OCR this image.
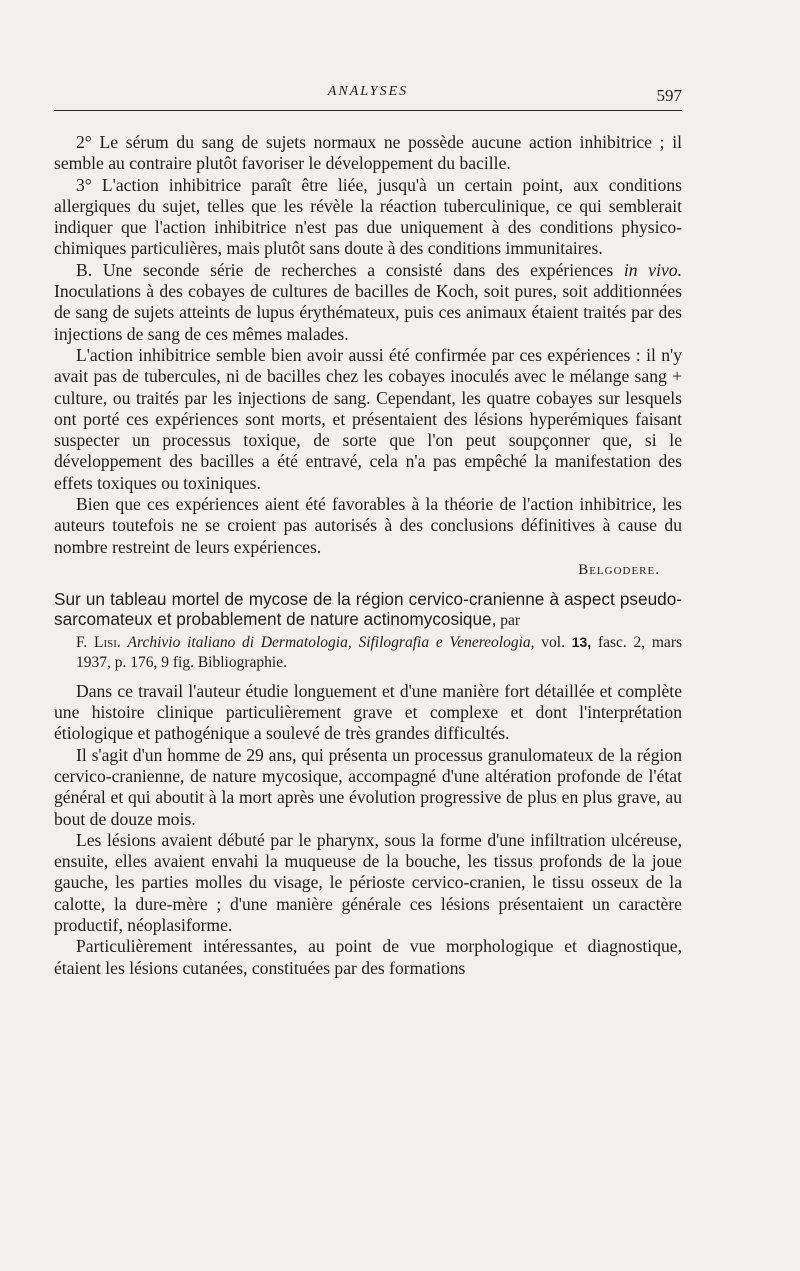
ANALYSES	597

2° Le sérum du sang de sujets normaux ne possède aucune action inhibitrice ; il semble au contraire plutôt favoriser le développement du bacille.

3° L'action inhibitrice paraît être liée, jusqu'à un certain point, aux conditions allergiques du sujet, telles que les révèle la réaction tuberculinique, ce qui semblerait indiquer que l'action inhibitrice n'est pas due uniquement à des conditions physico-chimiques particulières, mais plutôt sans doute à des conditions immunitaires.

B. Une seconde série de recherches a consisté dans des expériences in vivo. Inoculations à des cobayes de cultures de bacilles de Koch, soit pures, soit additionnées de sang de sujets atteints de lupus érythémateux, puis ces animaux étaient traités par des injections de sang de ces mêmes malades.

L'action inhibitrice semble bien avoir aussi été confirmée par ces expériences : il n'y avait pas de tubercules, ni de bacilles chez les cobayes inoculés avec le mélange sang + culture, ou traités par les injections de sang. Cependant, les quatre cobayes sur lesquels ont porté ces expériences sont morts, et présentaient des lésions hyperémiques faisant suspecter un processus toxique, de sorte que l'on peut soupçonner que, si le développement des bacilles a été entravé, cela n'a pas empêché la manifestation des effets toxiques ou toxiniques.

Bien que ces expériences aient été favorables à la théorie de l'action inhibitrice, les auteurs toutefois ne se croient pas autorisés à des conclusions définitives à cause du nombre restreint de leurs expériences.

Belgodere.
Sur un tableau mortel de mycose de la région cervico-cranienne à aspect pseudo-sarcomateux et probablement de nature actinomycosique, par
F. Lisi. Archivio italiano di Dermatologia, Sifilografia e Venereologia, vol. 13, fasc. 2, mars 1937, p. 176, 9 fig. Bibliographie.

Dans ce travail l'auteur étudie longuement et d'une manière fort détaillée et complète une histoire clinique particulièrement grave et complexe et dont l'interprétation étiologique et pathogénique a soulevé de très grandes difficultés.

Il s'agit d'un homme de 29 ans, qui présenta un processus granulomateux de la région cervico-cranienne, de nature mycosique, accompagné d'une altération profonde de l'état général et qui aboutit à la mort après une évolution progressive de plus en plus grave, au bout de douze mois.

Les lésions avaient débuté par le pharynx, sous la forme d'une infiltration ulcéreuse, ensuite, elles avaient envahi la muqueuse de la bouche, les tissus profonds de la joue gauche, les parties molles du visage, le périoste cervico-cranien, le tissu osseux de la calotte, la dure-mère ; d'une manière générale ces lésions présentaient un caractère productif, néoplasiforme.

Particulièrement intéressantes, au point de vue morphologique et diagnostique, étaient les lésions cutanées, constituées par des formations
